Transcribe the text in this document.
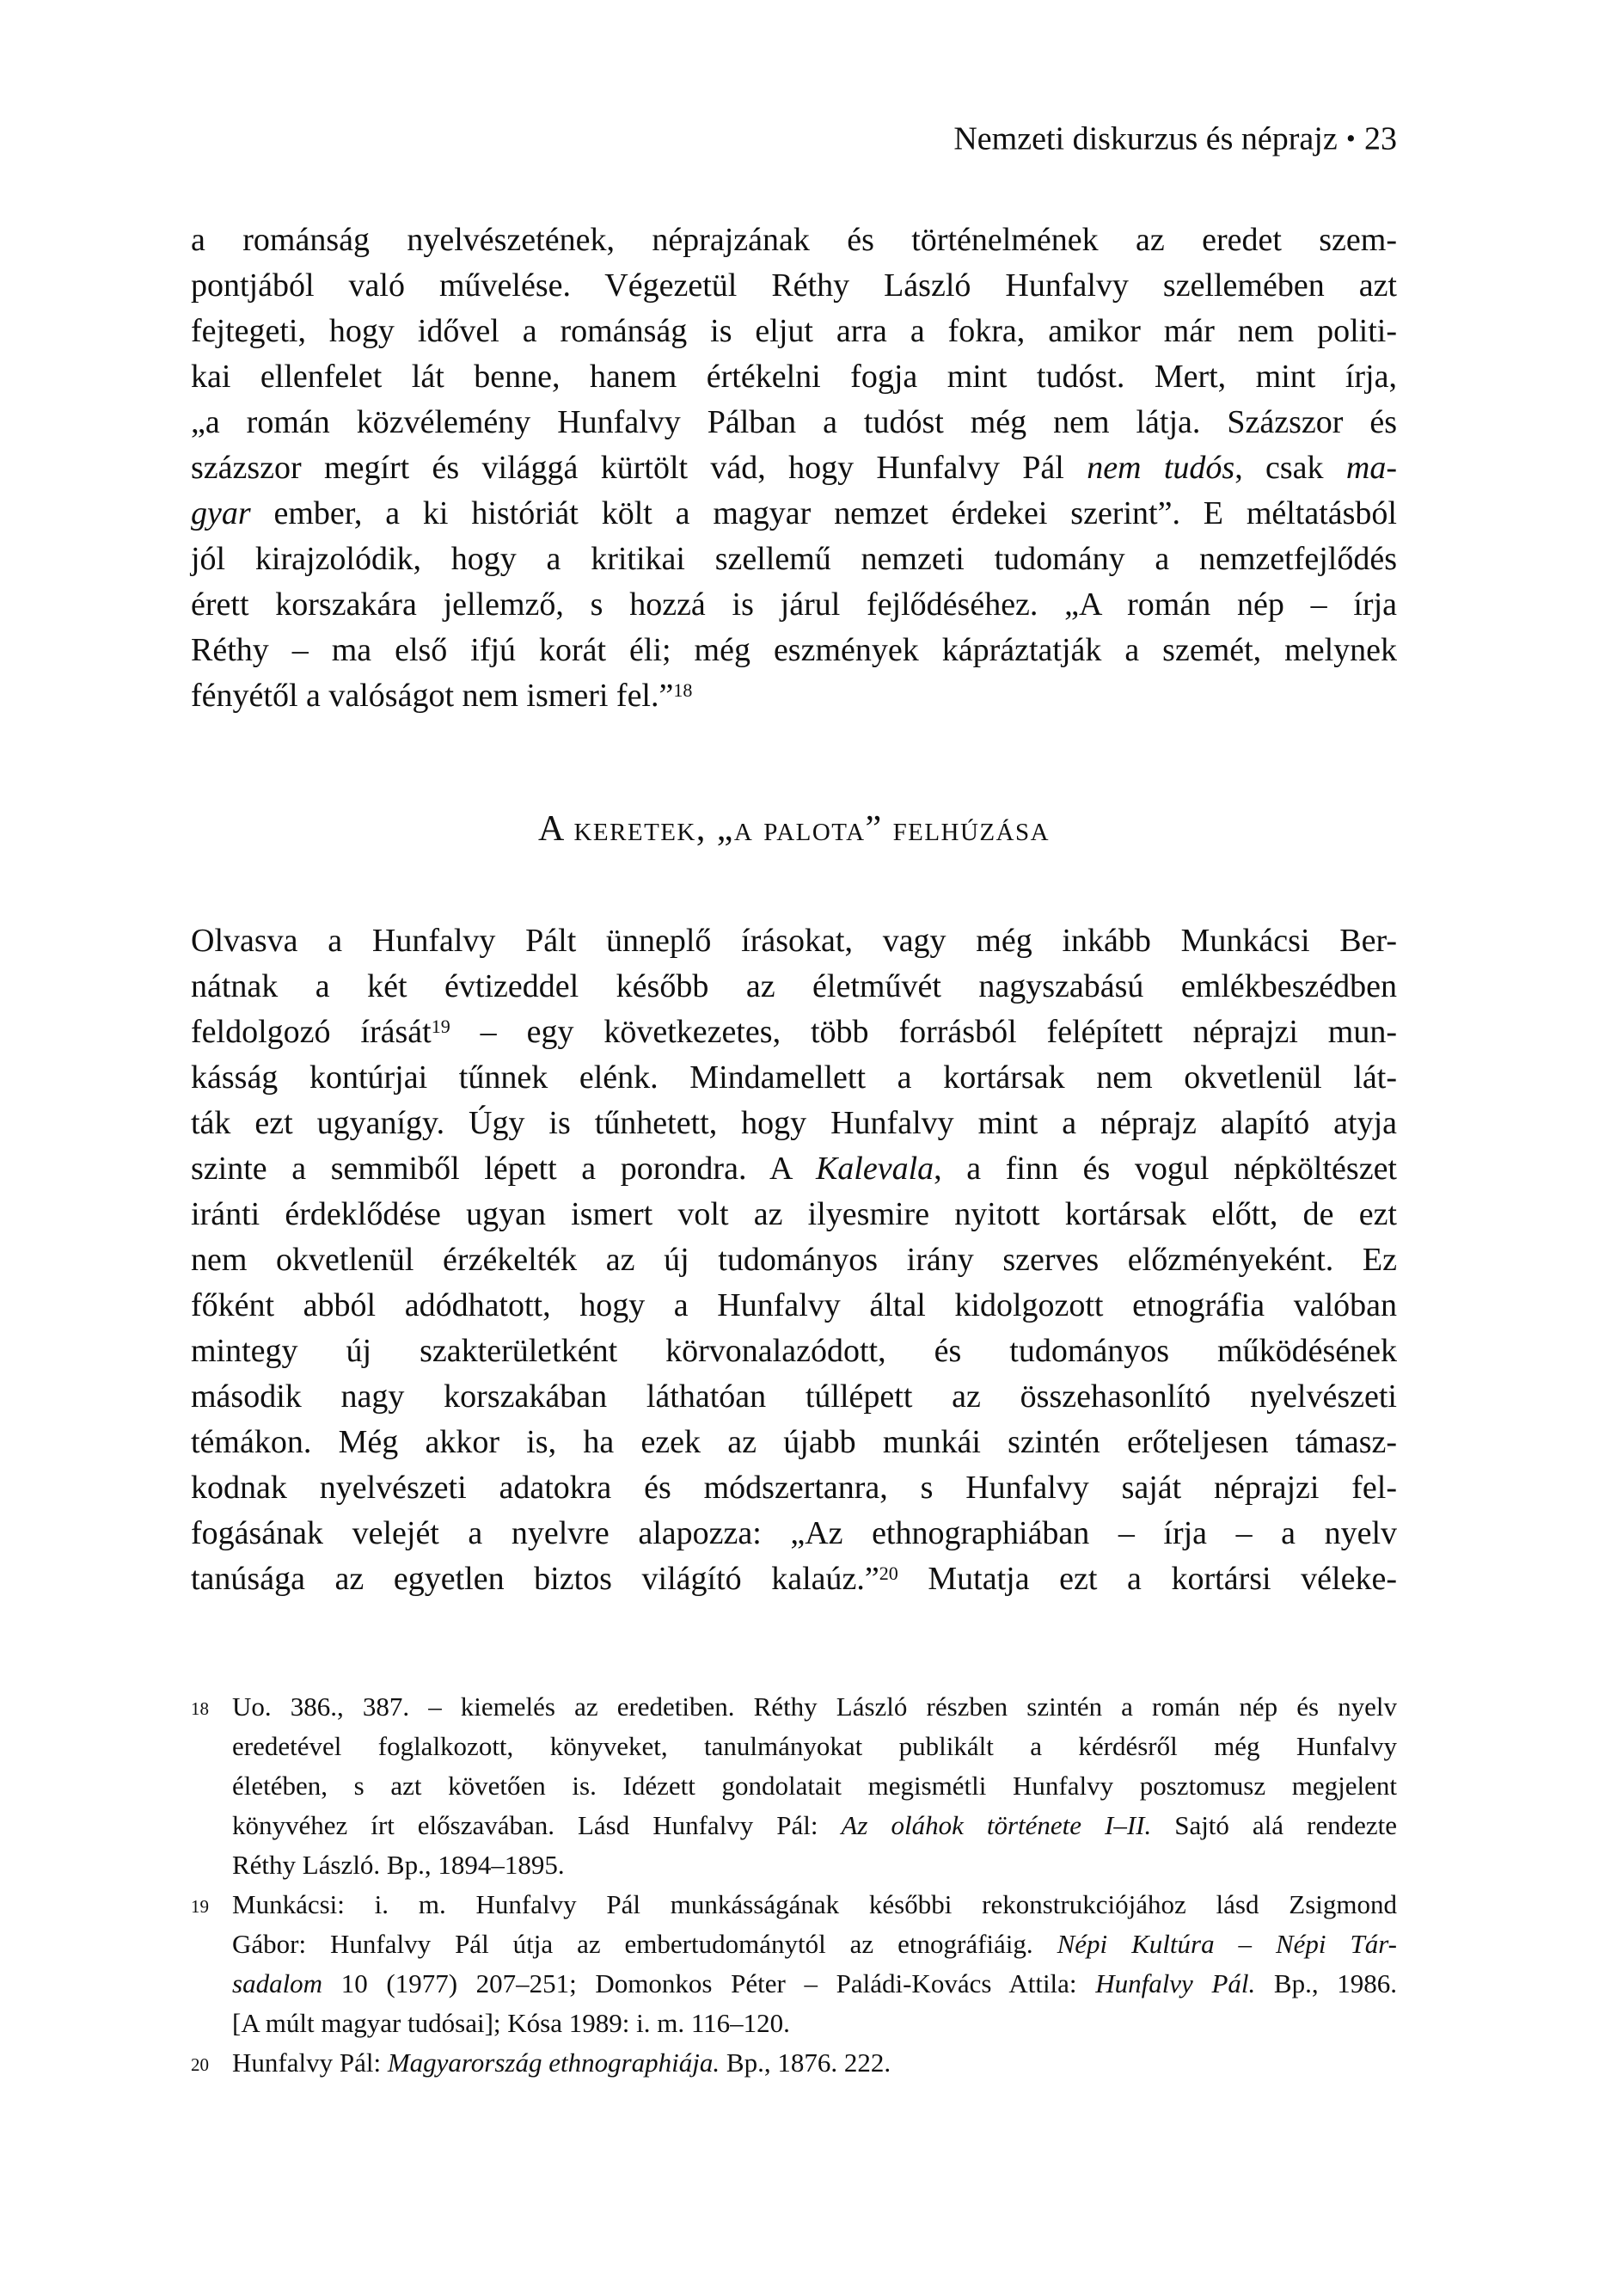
Nemzeti diskurzus és néprajz • 23
a románság nyelvészetének, néprajzának és történelmének az eredet szem-
pontjából való művelése. Végezetül Réthy László Hunfalvy szellemében azt
fejtegeti, hogy idővel a románság is eljut arra a fokra, amikor már nem politi-
kai ellenfelet lát benne, hanem értékelni fogja mint tudóst. Mert, mint írja,
„a román közvélemény Hunfalvy Pálban a tudóst még nem látja. Százszor és
százszor megírt és világgá kürtölt vád, hogy Hunfalvy Pál nem tudós, csak ma-
gyar ember, a ki históriát költ a magyar nemzet érdekei szerint”. E méltatásból
jól kirajzolódik, hogy a kritikai szellemű nemzeti tudomány a nemzetfejlődés
érett korszakára jellemző, s hozzá is járul fejlődéséhez. „A román nép – írja
Réthy – ma első ifjú korát éli; még eszmények kápráztatják a szemét, melynek
fényétől a valóságot nem ismeri fel.”$^{18}$
A keretek, „a palota” felhúzása
Olvasva a Hunfalvy Pált ünneplő írásokat, vagy még inkább Munkácsi Ber-
nátnak a két évtizeddel később az életművét nagyszabású emlékbeszédben
feldolgozó írását$^{19}$ – egy következetes, több forrásból felépített néprajzi mun-
kásság kontúrjai tűnnek elénk. Mindamellett a kortársak nem okvetlenül lát-
ták ezt ugyanígy. Úgy is tűnhetett, hogy Hunfalvy mint a néprajz alapító atyja
szinte a semmiből lépett a porondra. A Kalevala, a finn és vogul népköltészet
iránti érdeklődése ugyan ismert volt az ilyesmire nyitott kortársak előtt, de ezt
nem okvetlenül érzékelték az új tudományos irány szerves előzményeként. Ez
főként abból adódhatott, hogy a Hunfalvy által kidolgozott etnográfia valóban
mintegy új szakterületként körvonalazódott, és tudományos működésének
második nagy korszakában láthatóan túllépett az összehasonlító nyelvészeti
témákon. Még akkor is, ha ezek az újabb munkái szintén erőteljesen támasz-
kodnak nyelvészeti adatokra és módszertanra, s Hunfalvy saját néprajzi fel-
fogásának velejét a nyelvre alapozza: „Az ethnographiában – írja – a nyelv
tanúsága az egyetlen biztos világító kalaúz.”$^{20}$ Mutatja ezt a kortársi véleke-
18 Uo. 386., 387. – kiemelés az eredetiben. Réthy László részben szintén a román nép és nyelv
eredetével foglalkozott, könyveket, tanulmányokat publikált a kérdésről még Hunfalvy
életében, s azt követően is. Idézett gondolatait megismétli Hunfalvy posztomusz megjelent
könyvéhez írt előszavában. Lásd Hunfalvy Pál: Az oláhok története I–II. Sajtó alá rendezte
Réthy László. Bp., 1894–1895.
19 Munkácsi: i. m. Hunfalvy Pál munkásságának későbbi rekonstrukciójához lásd Zsigmond
Gábor: Hunfalvy Pál útja az embertudománytól az etnográfiáig. Népi Kultúra – Népi Tár-
sadalom 10 (1977) 207–251; Domonkos Péter – Paládi-Kovács Attila: Hunfalvy Pál. Bp., 1986.
[A múlt magyar tudósai]; Kósa 1989: i. m. 116–120.
20 Hunfalvy Pál: Magyarország ethnographiája. Bp., 1876. 222.
